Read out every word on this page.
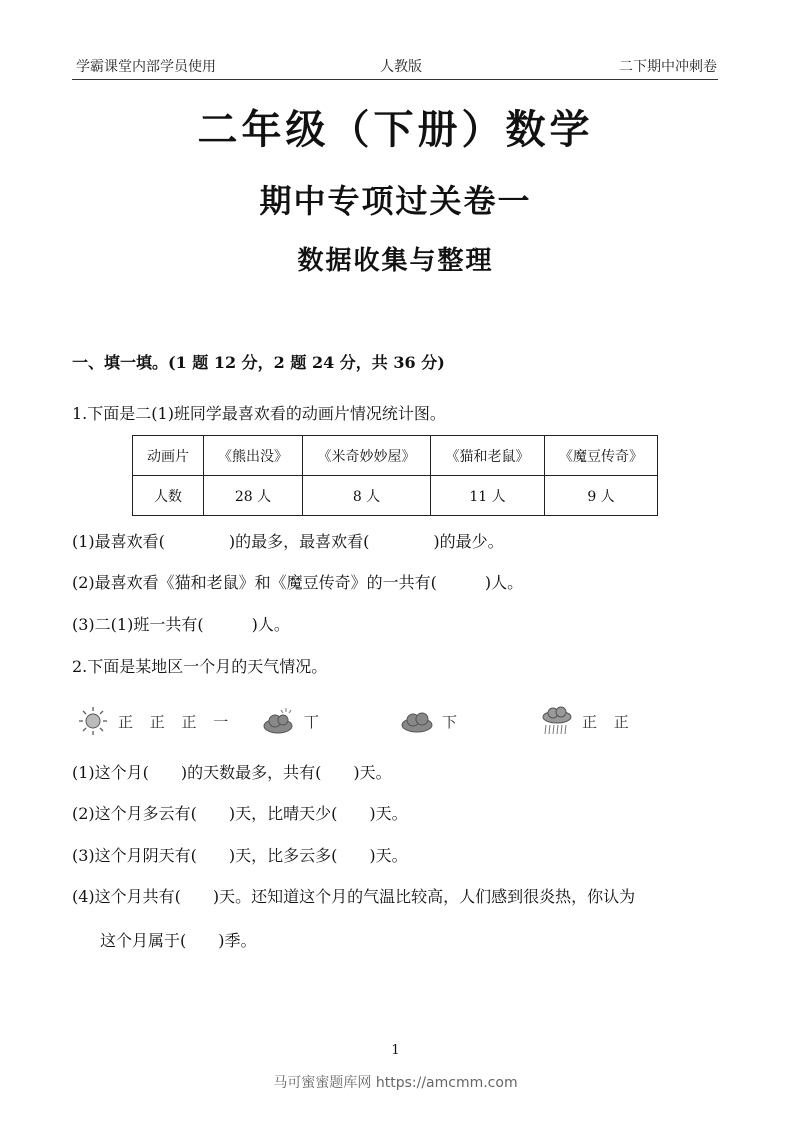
学霸课堂内部学员使用	人教版	二下期中冲刺卷
二年级（下册）数学
期中专项过关卷一
数据收集与整理
一、填一填。(1 题 12 分，2 题 24 分，共 36 分)
1.下面是二(1)班同学最喜欢看的动画片情况统计图。
动画片	《熊出没》	《米奇妙妙屋》	《猫和老鼠》	《魔豆传奇》
人数	28 人	8 人	11 人	9 人
(1)最喜欢看(　　　　)的最多，最喜欢看(　　　　)的最少。
(2)最喜欢看《猫和老鼠》和《魔豆传奇》的一共有(　　　)人。
(3)二(1)班一共有(　　　)人。
2.下面是某地区一个月的天气情况。
正 正 正 一	丅	下	正 正
(1)这个月(　　)的天数最多，共有(　　)天。
(2)这个月多云有(　　)天，比晴天少(　　)天。
(3)这个月阴天有(　　)天，比多云多(　　)天。
(4)这个月共有(　　)天。还知道这个月的气温比较高，人们感到很炎热，你认为
这个月属于(　　)季。
1
马可蜜蜜题库网 https://amcmm.com
